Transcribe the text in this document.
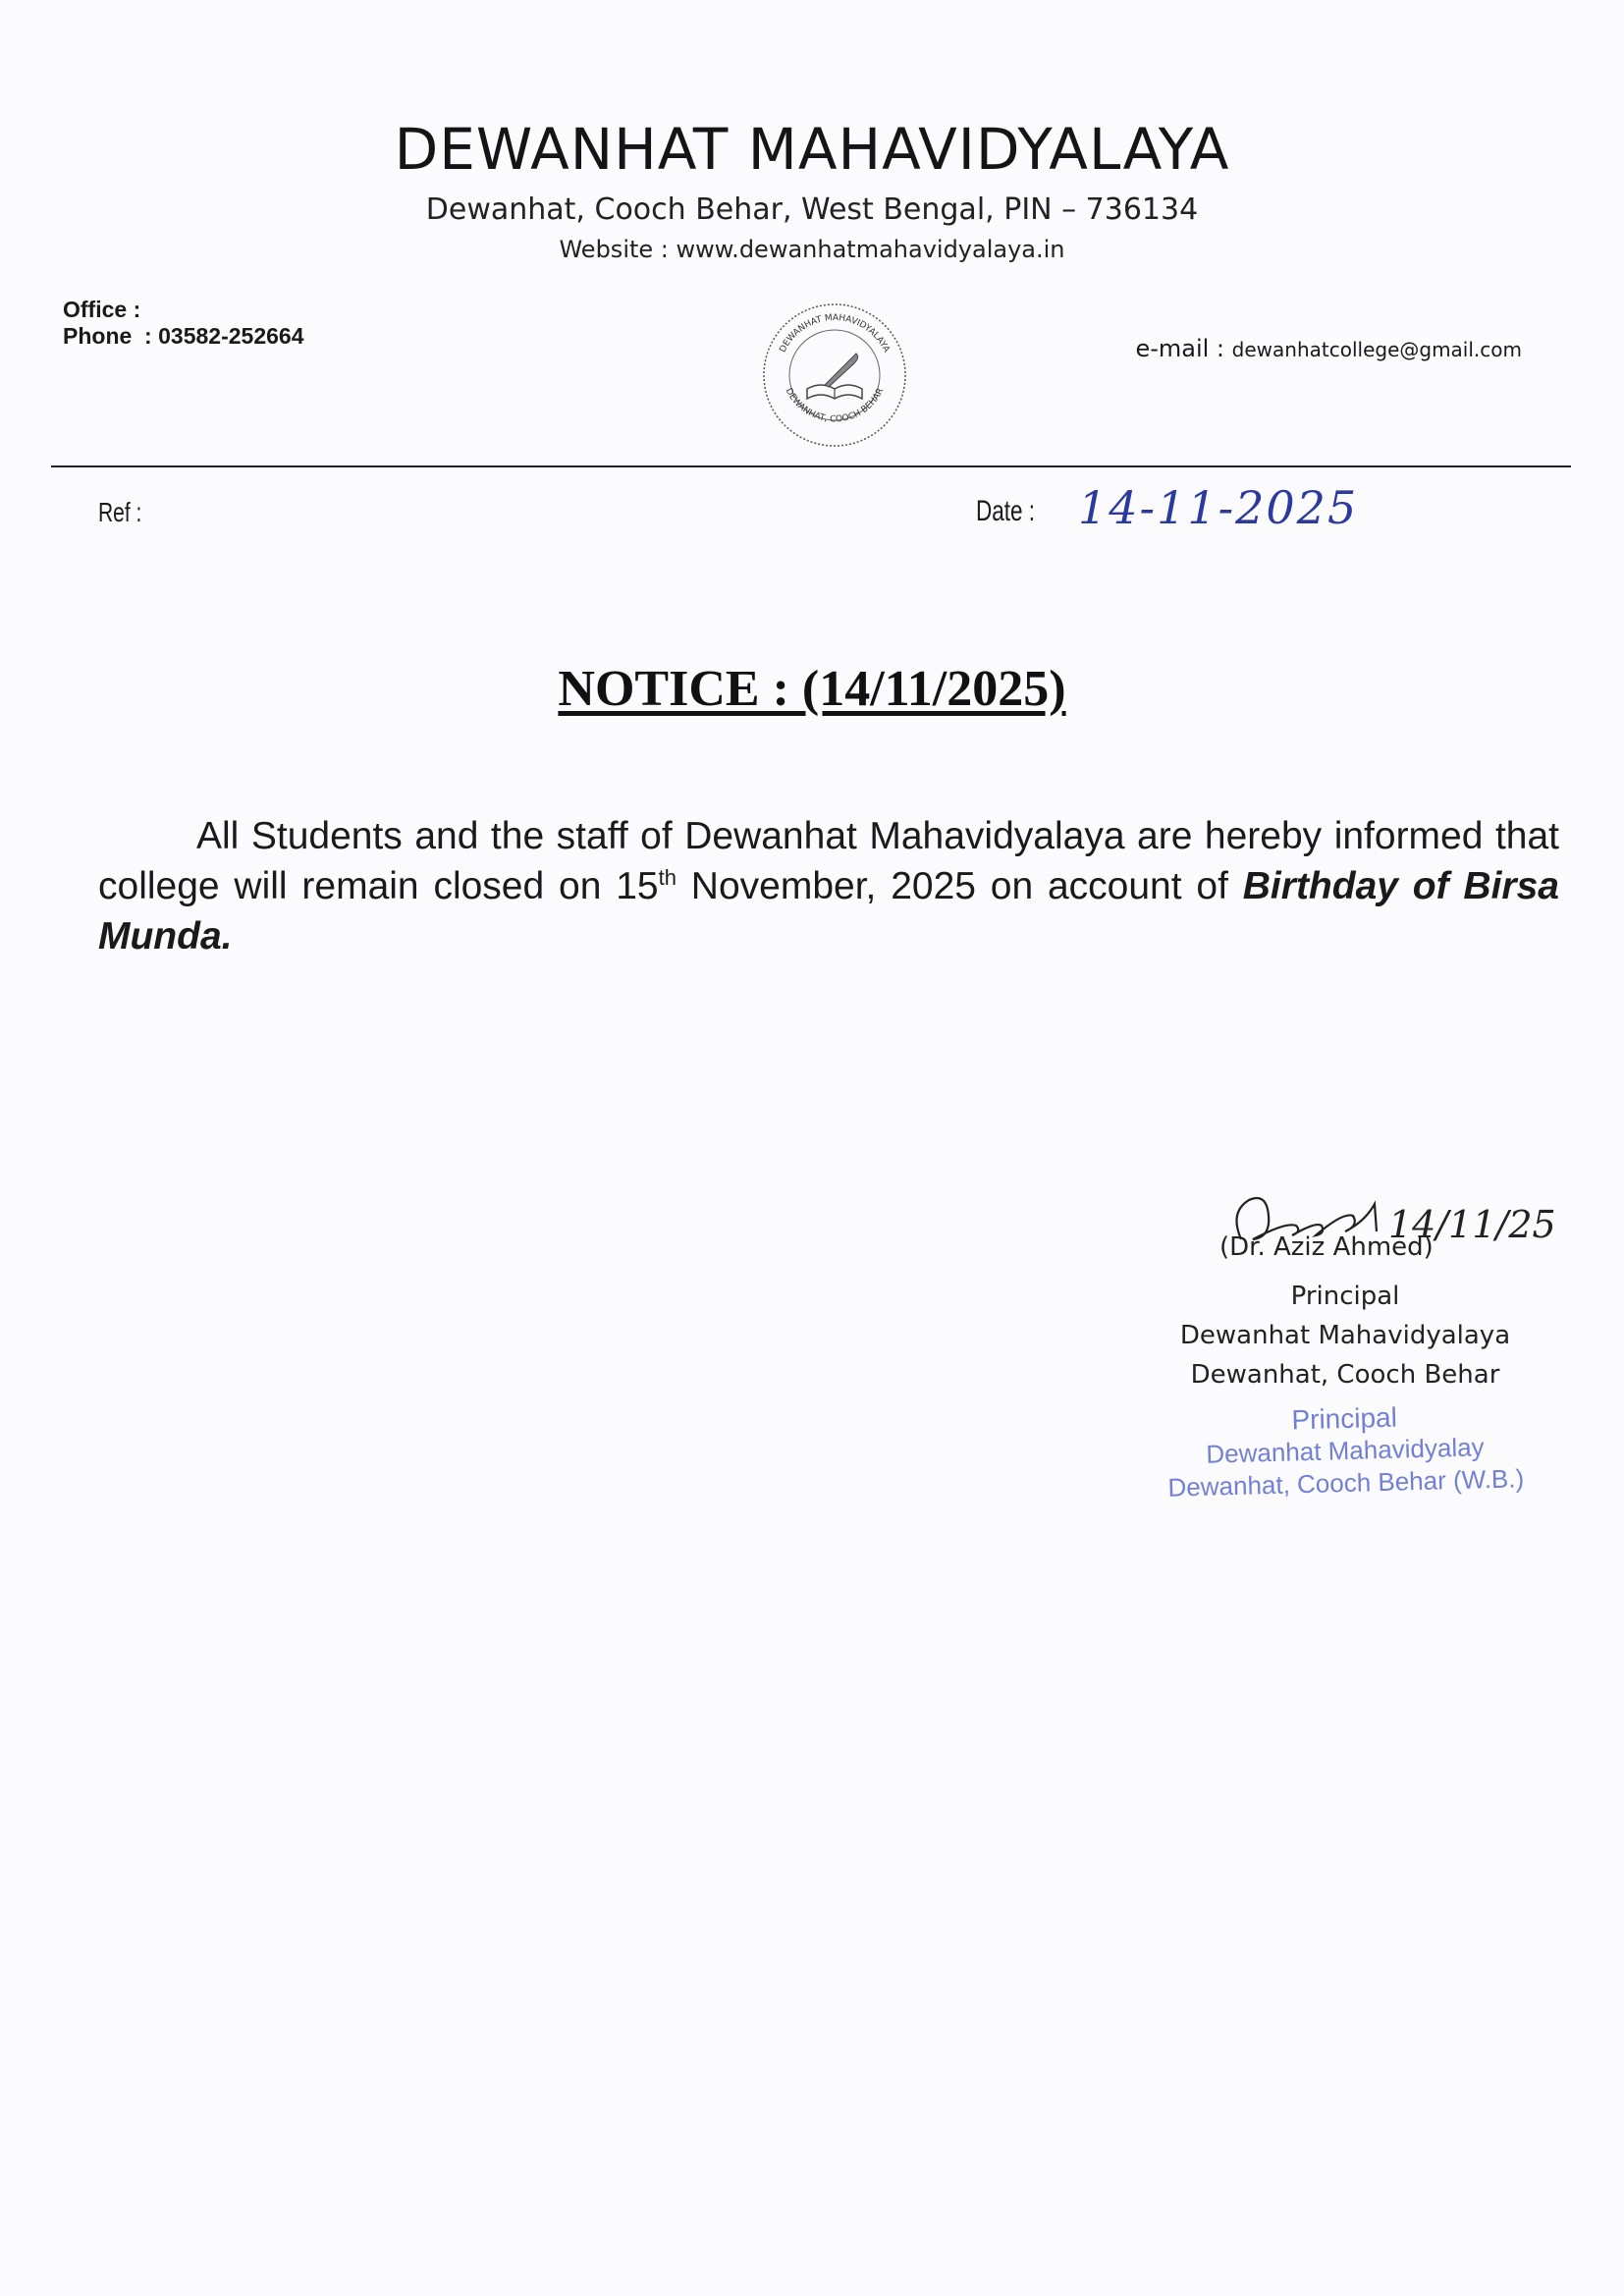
DEWANHAT MAHAVIDYALAYA
Dewanhat, Cooch Behar, West Bengal, PIN – 736134
Website : www.dewanhatmahavidyalaya.in
Office :
Phone  : 03582-252664
DEWANHAT MAHAVIDYALAYA
DEWANHAT, COOCH BEHAR
e-mail : dewanhatcollege@gmail.com
Ref :	Date : 14-11-2025
NOTICE : (14/11/2025)
All Students and the staff of Dewanhat Mahavidyalaya are hereby informed that college will remain closed on 15th November, 2025 on account of Birthday of Birsa Munda.
14/11/25
(Dr. Aziz Ahmed)
Principal
Dewanhat Mahavidyalaya
Dewanhat, Cooch Behar
Principal
Dewanhat Mahavidyalay
Dewanhat, Cooch Behar (W.B.)
